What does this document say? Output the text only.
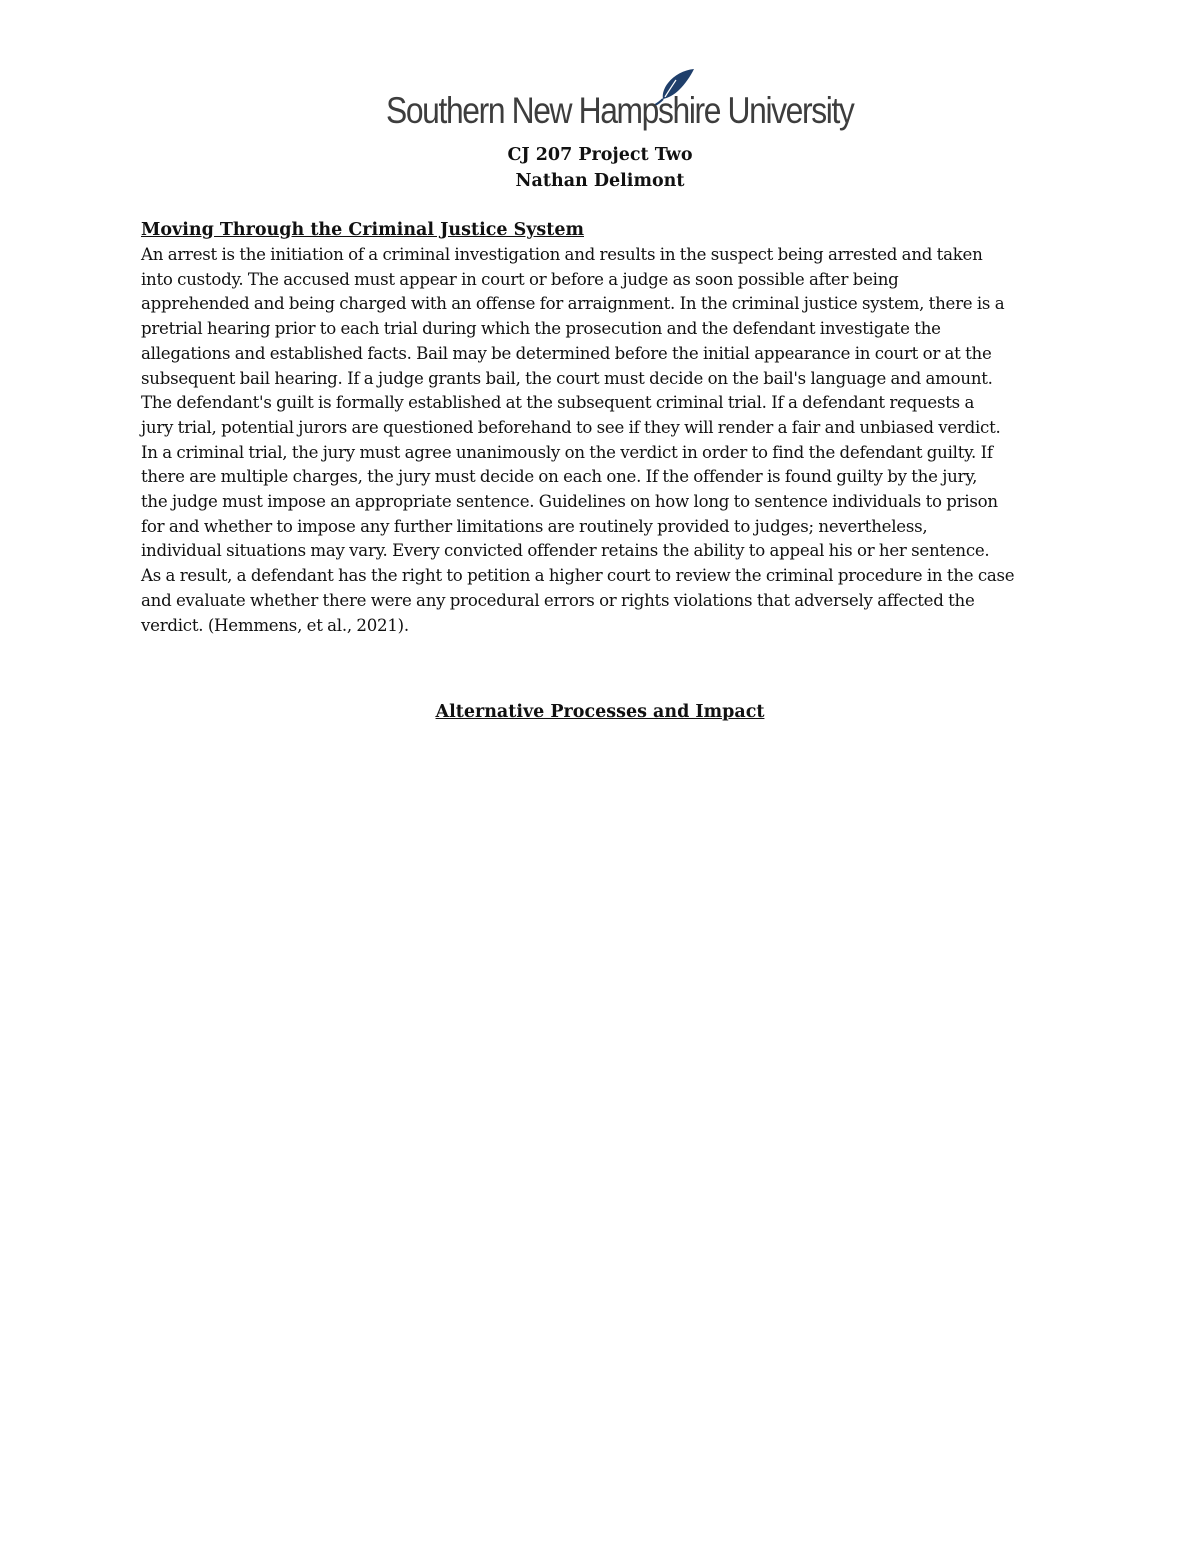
Southern New Hampshire University
CJ 207 Project Two
Nathan Delimont
Moving Through the Criminal Justice System
An arrest is the initiation of a criminal investigation and results in the suspect being arrested and taken
into custody. The accused must appear in court or before a judge as soon possible after being
apprehended and being charged with an offense for arraignment. In the criminal justice system, there is a
pretrial hearing prior to each trial during which the prosecution and the defendant investigate the
allegations and established facts. Bail may be determined before the initial appearance in court or at the
subsequent bail hearing. If a judge grants bail, the court must decide on the bail's language and amount.
The defendant's guilt is formally established at the subsequent criminal trial. If a defendant requests a
jury trial, potential jurors are questioned beforehand to see if they will render a fair and unbiased verdict.
In a criminal trial, the jury must agree unanimously on the verdict in order to find the defendant guilty. If
there are multiple charges, the jury must decide on each one. If the offender is found guilty by the jury,
the judge must impose an appropriate sentence. Guidelines on how long to sentence individuals to prison
for and whether to impose any further limitations are routinely provided to judges; nevertheless,
individual situations may vary. Every convicted offender retains the ability to appeal his or her sentence.
As a result, a defendant has the right to petition a higher court to review the criminal procedure in the case
and evaluate whether there were any procedural errors or rights violations that adversely affected the
verdict. (Hemmens, et al., 2021).
Alternative Processes and Impact
